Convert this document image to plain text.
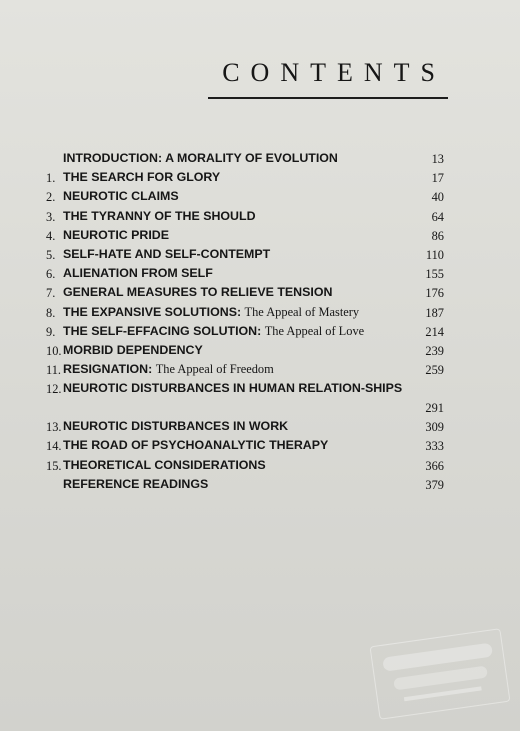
CONTENTS
INTRODUCTION: A MORALITY OF EVOLUTION	13
1. THE SEARCH FOR GLORY	17
2. NEUROTIC CLAIMS	40
3. THE TYRANNY OF THE SHOULD	64
4. NEUROTIC PRIDE	86
5. SELF-HATE AND SELF-CONTEMPT	110
6. ALIENATION FROM SELF	155
7. GENERAL MEASURES TO RELIEVE TENSION	176
8. THE EXPANSIVE SOLUTIONS: The Appeal of Mastery	187
9. THE SELF-EFFACING SOLUTION: The Appeal of Love	214
10. MORBID DEPENDENCY	239
11. RESIGNATION: The Appeal of Freedom	259
12. NEUROTIC DISTURBANCES IN HUMAN RELATION-SHIPS
291
13. NEUROTIC DISTURBANCES IN WORK	309
14. THE ROAD OF PSYCHOANALYTIC THERAPY	333
15. THEORETICAL CONSIDERATIONS	366
REFERENCE READINGS	379
